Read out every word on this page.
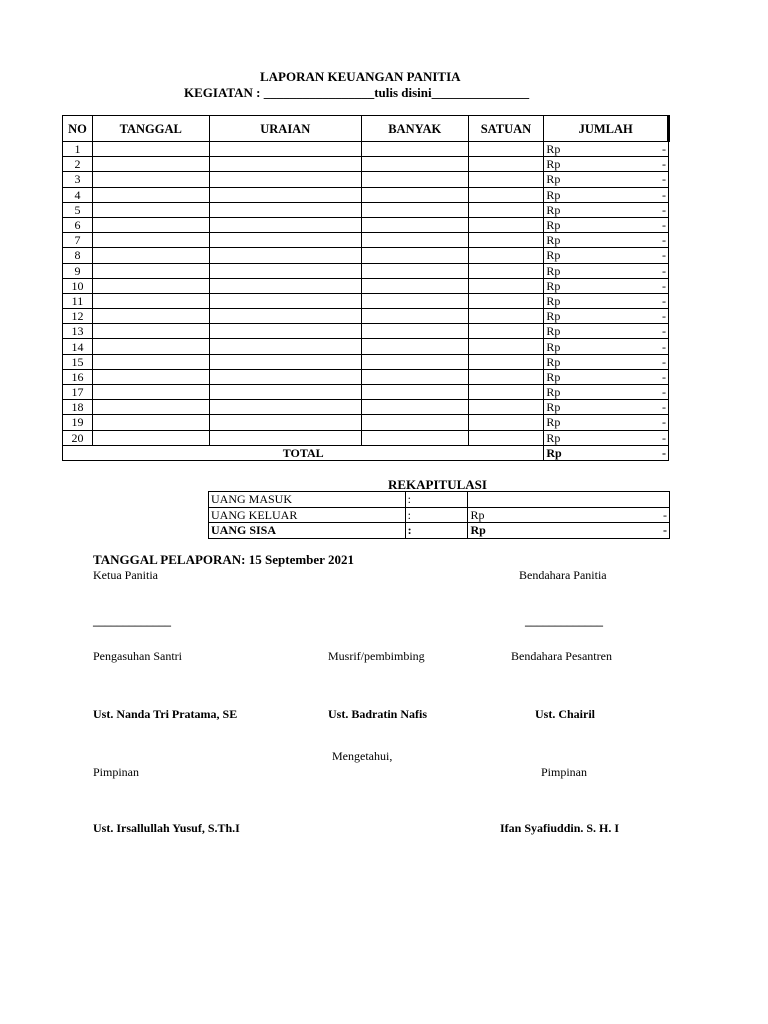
LAPORAN KEUANGAN PANITIA
KEGIATAN : _________________tulis disini_______________
NO	TANGGAL	URAIAN	BANYAK	SATUAN	JUMLAH
1					Rp -

2					Rp -

3					Rp -

4					Rp -

5					Rp -

6					Rp -

7					Rp -

8					Rp -

9					Rp -

10					Rp -

11					Rp -

12					Rp -

13					Rp -

14					Rp -

15					Rp -

16					Rp -

17					Rp -

18					Rp -

19					Rp -

20					Rp -

TOTAL					Rp -
REKAPITULASI
UANG MASUK	:	

UANG KELUAR	:	Rp -

UANG SISA	:	Rp -
TANGGAL PELAPORAN: 15 September 2021
Ketua Panitia	Bendahara Panitia
_____________	_____________
Pengasuhan Santri	Musrif/pembimbing	Bendahara Pesantren
Ust. Nanda Tri Pratama, SE	Ust. Badratin Nafis	Ust. Chairil
Mengetahui,
Pimpinan	Pimpinan
Ust. Irsallullah Yusuf, S.Th.I	Ifan Syafiuddin. S. H. I
